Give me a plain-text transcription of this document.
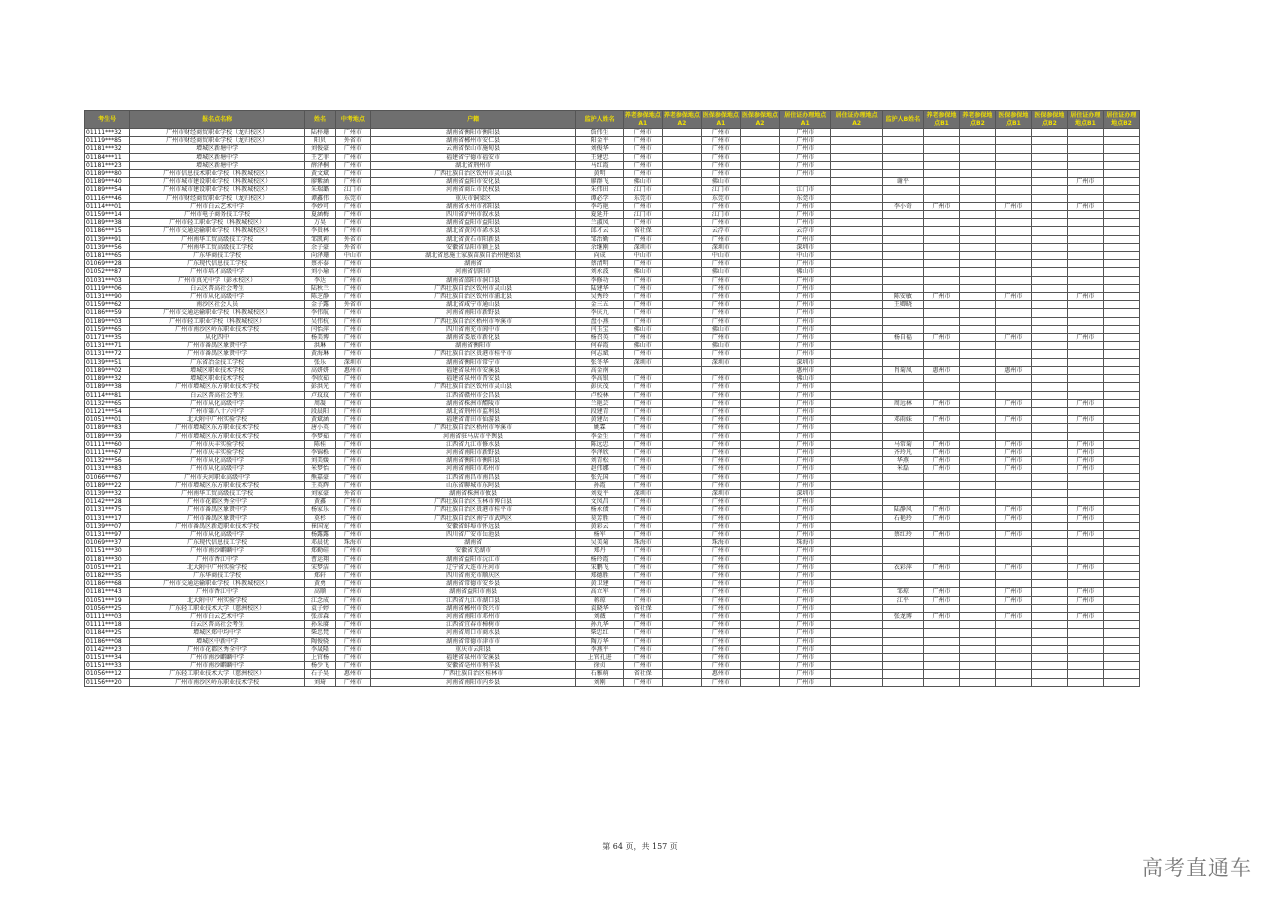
考生号	报名点名称	姓名	中考地点	户籍	监护人姓名	养老参保地点A1	养老参保地点A2	医保参保地点A1	医保参保地点A2	居住证办理地点A1	居住证办理地点A2	监护人B姓名	养老参保地点B1	养老参保地点B2	医保参保地点B1	医保参保地点B2	居住证办理地点B1	居住证办理地点B2
01111***32	广州市财经商贸职业学校（龙归校区）	陆梓珊	广州市	湖南省衡阳市衡阳县	詹伟生	广州市		广州市		广州市								
01119***85	广州市财经商贸职业学校（龙归校区）	阳贝	外省市	湖南省郴州市安仁县	阳金平	广州市		广州市		广州市								
01181***32	增城区新塘中学	刘俊豪	广州市	云南省保山市施甸县	刘俊华	广州市		广州市		广州市								
01184***11	增城区新塘中学	王艺菲	广州市	福建省宁德市福安市	王建忠	广州市		广州市		广州市								
01181***23	增城区新塘中学	薛泽桐	广州市	湖北省荆州市	马红霞	广州市		广州市		广州市								
01189***80	广州市信息技术职业学校（科教城校区）	黄文斌	广州市	广西壮族自治区钦州市灵山县	黄明	广州市		广州市		广州市								
01189***40	广州市城市建设职业学校（科教城校区）	廖紫涵	广州市	湖南省益阳市安化县	廖群飞	佛山市		佛山市				谢平					广州市	
01189***54	广州市城市建设职业学校（科教城校区）	朱瑞璐	江门市	河南省商丘市民权县	朱伟田	江门市		江门市		江门市								
01116***46	广州市财经商贸职业学校（龙归校区）	谭鑫伟	东莞市	重庆市铜梁区	谭必学	东莞市		东莞市		东莞市								
01114***01	广州市白云艺术中学	李妙可	广州市	湖南省永州市祁阳县	李巧艳	广州市		广州市		广州市		李小奇	广州市		广州市		广州市	
01159***14	广州市电子商务技工学校	夏涵梅	广州市	四川省泸州市叙永县	夏延开	江门市		江门市		广州市								
01189***38	广州市轻工职业学校（科教城校区）	万昊	广州市	湖南省益阳市益阳县	兰淑凤	广州市		广州市		广州市								
01186***15	广州市交通运输职业学校（科教城校区）	李贵林	广州市	湖北省黄冈市浠水县	邱才云	省社保		云浮市		云浮市								
01139***91	广州南华工贸高级技工学校	邹凯莉	外省市	湖北省黄石市阳新县	邹治勤	广州市		广州市		广州市								
01139***56	广州南华工贸高级技工学校	余子豪	外省市	安徽省阜阳市颍上县	余继刚	深圳市		深圳市		深圳市								
01181***65	广东华商技工学校	向泽珊	中山市	湖北省恩施土家族苗族自治州建始县	向成	中山市		中山市		中山市								
01069***28	广东现代信息技工学校	蔡亦泰	广州市	湖南省	蔡清明	广州市		广州市		广州市								
01052***87	广州市培才高级中学	刘小瑜	广州市	河南省信阳市	刘永波	佛山市		佛山市		佛山市								
01031***03	广州市真光中学（彭永校区）	李达	广州市	湖南省邵阳市洞口县	李修功	广州市		广州市		广州市								
01119***06	白云区普高社会考生	陆秋兰	广州市	广西壮族自治区钦州市灵山县	陆建华	广州市		广州市		广州市								
01131***90	广州市从化高级中学	陈芝静	广州市	广西壮族自治区钦州市浦北县	吴秀玲	广州市		广州市		广州市		陈安敏	广州市		广州市		广州市	
01159***62	南沙区社会人员	金子露	外省市	湖北省咸宁市通山县	金三五	广州市		广州市		广州市		王卿晓						
01186***59	广州市交通运输职业学校（科教城校区）	李伟航	广州市	河南省南阳市新野县	李庆九	广州市		广州市		广州市								
01189***03	广州市轻工职业学校（科教城校区）	吴伟杭	广州市	广西壮族自治区梧州市岑溪市	盘小燕	广州市		广州市		广州市								
01159***65	广州市南沙区岭东职业技术学校	闫怡萍	广州市	四川省南充市阆中市	闫玉宝	佛山市		佛山市		广州市								
01171***35	从化四中	杨美博	广州市	湖南省娄底市新化县	杨召英	广州市		广州市		广州市		杨自福	广州市		广州市		广州市	
01131***71	广州市番禺区象贤中学	洪琳	广州市	湖南省衡阳市	何春霞	佛山市		佛山市		广州市								
01131***72	广州市番禺区象贤中学	黄海琳	广州市	广西壮族自治区贵港市桂平市	何志斌	广州市		广州市		广州市								
01139***51	广东省冶金技工学校	张乐	深圳市	湖南省衡阳市常宁市	张冬华	深圳市		深圳市		深圳市								
01189***02	增城区职业技术学校	高妍妍	惠州市	福建省泉州市安溪县	高金南					惠州市		肖菊凤	惠州市		惠州市			
01189***32	增城区职业技术学校	李欣茹	广州市	福建省泉州市晋安县	李高银	广州市		广州市		佛山市								
01189***38	广州市增城区东方职业技术学校	彭洪光	广州市	广西壮族自治区钦州市灵山县	彭庆茂	广州市		广州市		广州市								
01114***81	白云区普高社会考生	卢玟玟	广州市	江西省赣州市会昌县	卢校林	广州市		广州市		广州市								
01132***65	广州市从化高级中学	周凝	广州市	湖南省株洲市醴陵市	兰艳芸	广州市		广州市		广州市		周远林	广州市		广州市		广州市	
01121***54	广州市第八十六中学	段晨阳	广州市	湖北省荆州市监利县	段建青	广州市		广州市		广州市								
01051***01	北大附中广州实验学校	黄斌涵	广州市	福建省莆田市仙游县	黄建岳	广州市		广州市		广州市		邓雨妹	广州市		广州市		广州市	
01189***83	广州市增城区东方职业技术学校	唐小英	广州市	广西壮族自治区梧州市岑溪市	姚霖	广州市		广州市		广州市								
01189***39	广州市增城区东方职业技术学校	李梦茹	广州市	河南省驻马店市平舆县	李金生	广州市		广州市		广州市								
01111***60	广州市庆丰实验学校	陈桂	广州市	江西省九江市修水县	陈远忠	广州市		广州市		广州市		马常菊	广州市		广州市		广州市	
01111***67	广州市庆丰实验学校	李锦栎	广州市	河南省南阳市新野县	李泽欣	广州市		广州市		广州市		齐玲凡	广州市		广州市		广州市	
01132***56	广州市从化高级中学	刘美媛	广州市	湖南省衡阳市衡阳县	刘青松	广州市		广州市		广州市		华燕	广州市		广州市		广州市	
01131***83	广州市从化高级中学	米梦怡	广州市	河南省南阳市邓州市	赵伟娜	广州市		广州市		广州市		米磊	广州市		广州市		广州市	
01066***67	广州市天河职业高级中学	熊嘉豪	广州市	江西省南昌市南昌县	张先国	广州市		广州市		广州市								
01189***22	广州市增城区东方职业技术学校	王英辉	广州市	山东省聊城市东阿县	孙霞	广州市		广州市		广州市								
01139***32	广州南华工贸高级技工学校	刘家豪	外省市	湖南省株洲市攸县	刘爱平	深圳市		深圳市		深圳市								
01142***28	广州市花都区秀全中学	黄鑫	广州市	广西壮族自治区玉林市博白县	文凤昌	广州市		广州市		广州市								
01131***75	广州市番禺区象贤中学	杨家乐	广州市	广西壮族自治区贵港市桂平市	杨永债	广州市		广州市		广州市		陆静风	广州市		广州市		广州市	
01131***17	广州市番禺区象贤中学	莫杉	广州市	广西壮族自治区南宁市武鸣区	莫芳胜	广州市		广州市		广州市		石艳玲	广州市		广州市		广州市	
01139***07	广州市番禺区新造职业技术学校	崔国宠	广州市	安徽省蚌埠市怀远县	黄彩云	广州市		广州市		广州市								
01131***97	广州市从化高级中学	杨露露	广州市	四川省广安市岳池县	杨军	广州市		广州市		广州市		蔡红玲	广州市		广州市		广州市	
01069***37	广东现代信息技工学校	邓晨优	珠海市	湖南省	吴美菊	珠海市		珠海市		珠海市								
01151***30	广州市南沙麒麟中学	郑勤硅	广州市	安徽省芜湖市	郑丹	广州市		广州市		广州市								
01181***30	广州市香江中学	曹运翔	广州市	湖南省益阳市沅江市	杨玲霞	广州市		广州市		广州市								
01051***21	北大附中广州实验学校	宋梦洁	广州市	辽宁省大连市庄河市	宋鹏飞	广州市		广州市		广州市		衣彩萍	广州市		广州市		广州市	
01182***35	广东华商技工学校	郑轩	广州市	四川省南充市顺庆区	郑德胜	广州市		广州市		广州市								
01186***68	广州市交通运输职业学校（科教城校区）	黄勇	广州市	湖南省常德市安乡县	黄卫建	广州市		广州市		广州市								
01181***43	广州市香江中学	高顺	广州市	湖南省益阳市南县	高立军	广州市		广州市		广州市		邹琼	广州市		广州市		广州市	
01051***19	北大附中广州实验学校	江念成	广州市	江西省九江市湖口县	蒋琼	广州市		广州市		广州市		江平	广州市		广州市		广州市	
01056***25	广东轻工职业技术大学（慈洲校区）	袁子婷	广州市	湖南省郴州市资兴市	袁晓华	省社保		广州市		广州市								
01111***03	广州市白云艺术中学	张彦森	广州市	河南省南阳市邓州市	刘薇	广州市		广州市		广州市		张龙博	广州市		广州市		广州市	
01111***18	白云区普高社会考生	孙采赓	广州市	江西省宜春市樟树市	孙九华	广州市		广州市		广州市								
01184***25	增城区郑中均中学	柴忠梵	广州市	河南省周口市商水县	柴忠红	广州市		广州市		广州市								
01186***08	增城区中新中学	陶俊骁	广州市	湖南省常德市津市市	陶万华	广州市		广州市		广州市								
01142***23	广州市花都区秀全中学	李晟隆	广州市	重庆市云阳县	李燕平	广州市		广州市		广州市								
01151***34	广州市南沙麒麟中学	上官杨	广州市	福建省泉州市安溪县	上官孔进	广州市		广州市		广州市								
01151***33	广州市南沙麒麟中学	杨少飞	广州市	安徽省亳州市利辛县	徐贞	广州市		广州市		广州市								
01056***12	广东轻工职业技术大学（慈洲校区）	石子昊	惠州市	广西壮族自治区桂林市	石雅萌	省社保		惠州市		广州市								
01156***20	广州市南沙区岭东职业技术学校	刘琦	广州市	河南省南阳市内乡县	刘刚	广州市		广州市		广州市								
第 64 页，共 157 页
高考直通车
